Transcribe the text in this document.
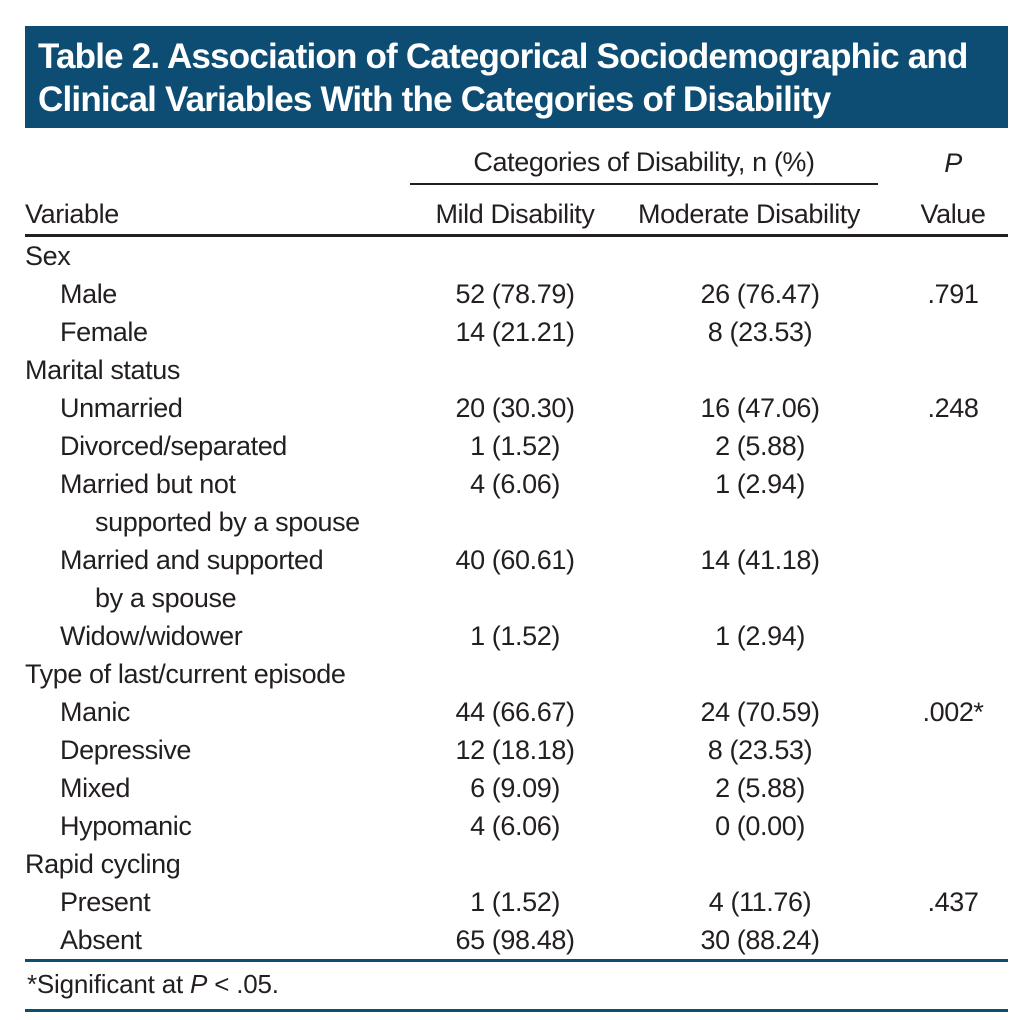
Table 2. Association of Categorical Sociodemographic and
Clinical Variables With the Categories of Disability
	Categories of Disability, n (%)		P
Variable	Mild Disability	Moderate Disability	Value
Sex			
Male	52 (78.79)	26 (76.47)	.791
Female	14 (21.21)	8 (23.53)	
Marital status			
Unmarried	20 (30.30)	16 (47.06)	.248
Divorced/separated	1 (1.52)	2 (5.88)	
Married but not	4 (6.06)	1 (2.94)	
supported by a spouse			
Married and supported	40 (60.61)	14 (41.18)	
by a spouse			
Widow/widower	1 (1.52)	1 (2.94)	
Type of last/current episode			
Manic	44 (66.67)	24 (70.59)	.002*
Depressive	12 (18.18)	8 (23.53)	
Mixed	6 (9.09)	2 (5.88)	
Hypomanic	4 (6.06)	0 (0.00)	
Rapid cycling			
Present	1 (1.52)	4 (11.76)	.437
Absent	65 (98.48)	30 (88.24)	
*Significant at P < .05.
